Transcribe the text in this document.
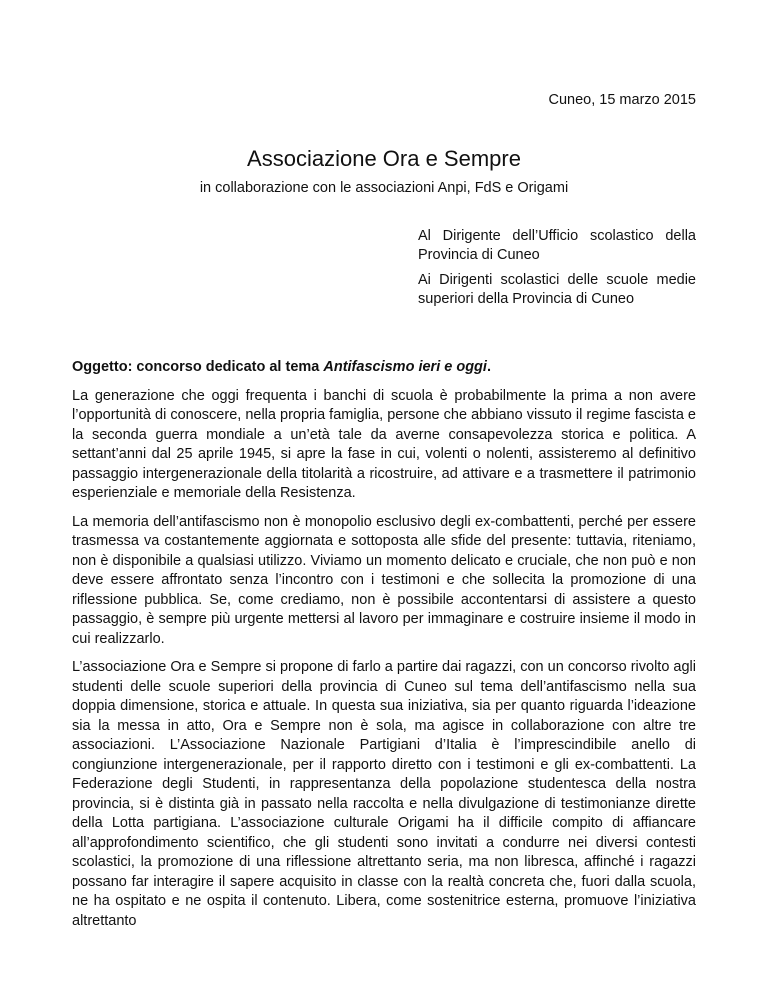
Cuneo, 15 marzo 2015
Associazione Ora e Sempre
in collaborazione con le associazioni Anpi, FdS e Origami

Al Dirigente dell’Ufficio scolastico della Provincia di Cuneo

Ai Dirigenti scolastici delle scuole medie superiori della Provincia di Cuneo

Oggetto: concorso dedicato al tema Antifascismo ieri e oggi.

La generazione che oggi frequenta i banchi di scuola è probabilmente la prima a non avere l’opportunità di conoscere, nella propria famiglia, persone che abbiano vissuto il regime fascista e la seconda guerra mondiale a un’età tale da averne consapevolezza storica e politica. A settant’anni dal 25 aprile 1945, si apre la fase in cui, volenti o nolenti, assisteremo al definitivo passaggio intergenerazionale della titolarità a ricostruire, ad attivare e a trasmettere il patrimonio esperienziale e memoriale della Resistenza.

La memoria dell’antifascismo non è monopolio esclusivo degli ex-combattenti, perché per essere trasmessa va costantemente aggiornata e sottoposta alle sfide del presente: tuttavia, riteniamo, non è disponibile a qualsiasi utilizzo. Viviamo un momento delicato e cruciale, che non può e non deve essere affrontato senza l’incontro con i testimoni e che sollecita la promozione di una riflessione pubblica. Se, come crediamo, non è possibile accontentarsi di assistere a questo passaggio, è sempre più urgente mettersi al lavoro per immaginare e costruire insieme il modo in cui realizzarlo.

L’associazione Ora e Sempre si propone di farlo a partire dai ragazzi, con un concorso rivolto agli studenti delle scuole superiori della provincia di Cuneo sul tema dell’antifascismo nella sua doppia dimensione, storica e attuale. In questa sua iniziativa, sia per quanto riguarda l’ideazione sia la messa in atto, Ora e Sempre non è sola, ma agisce in collaborazione con altre tre associazioni. L’Associazione Nazionale Partigiani d’Italia è l’imprescindibile anello di congiunzione intergenerazionale, per il rapporto diretto con i testimoni e gli ex-combattenti. La Federazione degli Studenti, in rappresentanza della popolazione studentesca della nostra provincia, si è distinta già in passato nella raccolta e nella divulgazione di testimonianze dirette della Lotta partigiana. L’associazione culturale Origami ha il difficile compito di affiancare all’approfondimento scientifico, che gli studenti sono invitati a condurre nei diversi contesti scolastici, la promozione di una riflessione altrettanto seria, ma non libresca, affinché i ragazzi possano far interagire il sapere acquisito in classe con la realtà concreta che, fuori dalla scuola, ne ha ospitato e ne ospita il contenuto. Libera, come sostenitrice esterna, promuove l’iniziativa altrettanto
